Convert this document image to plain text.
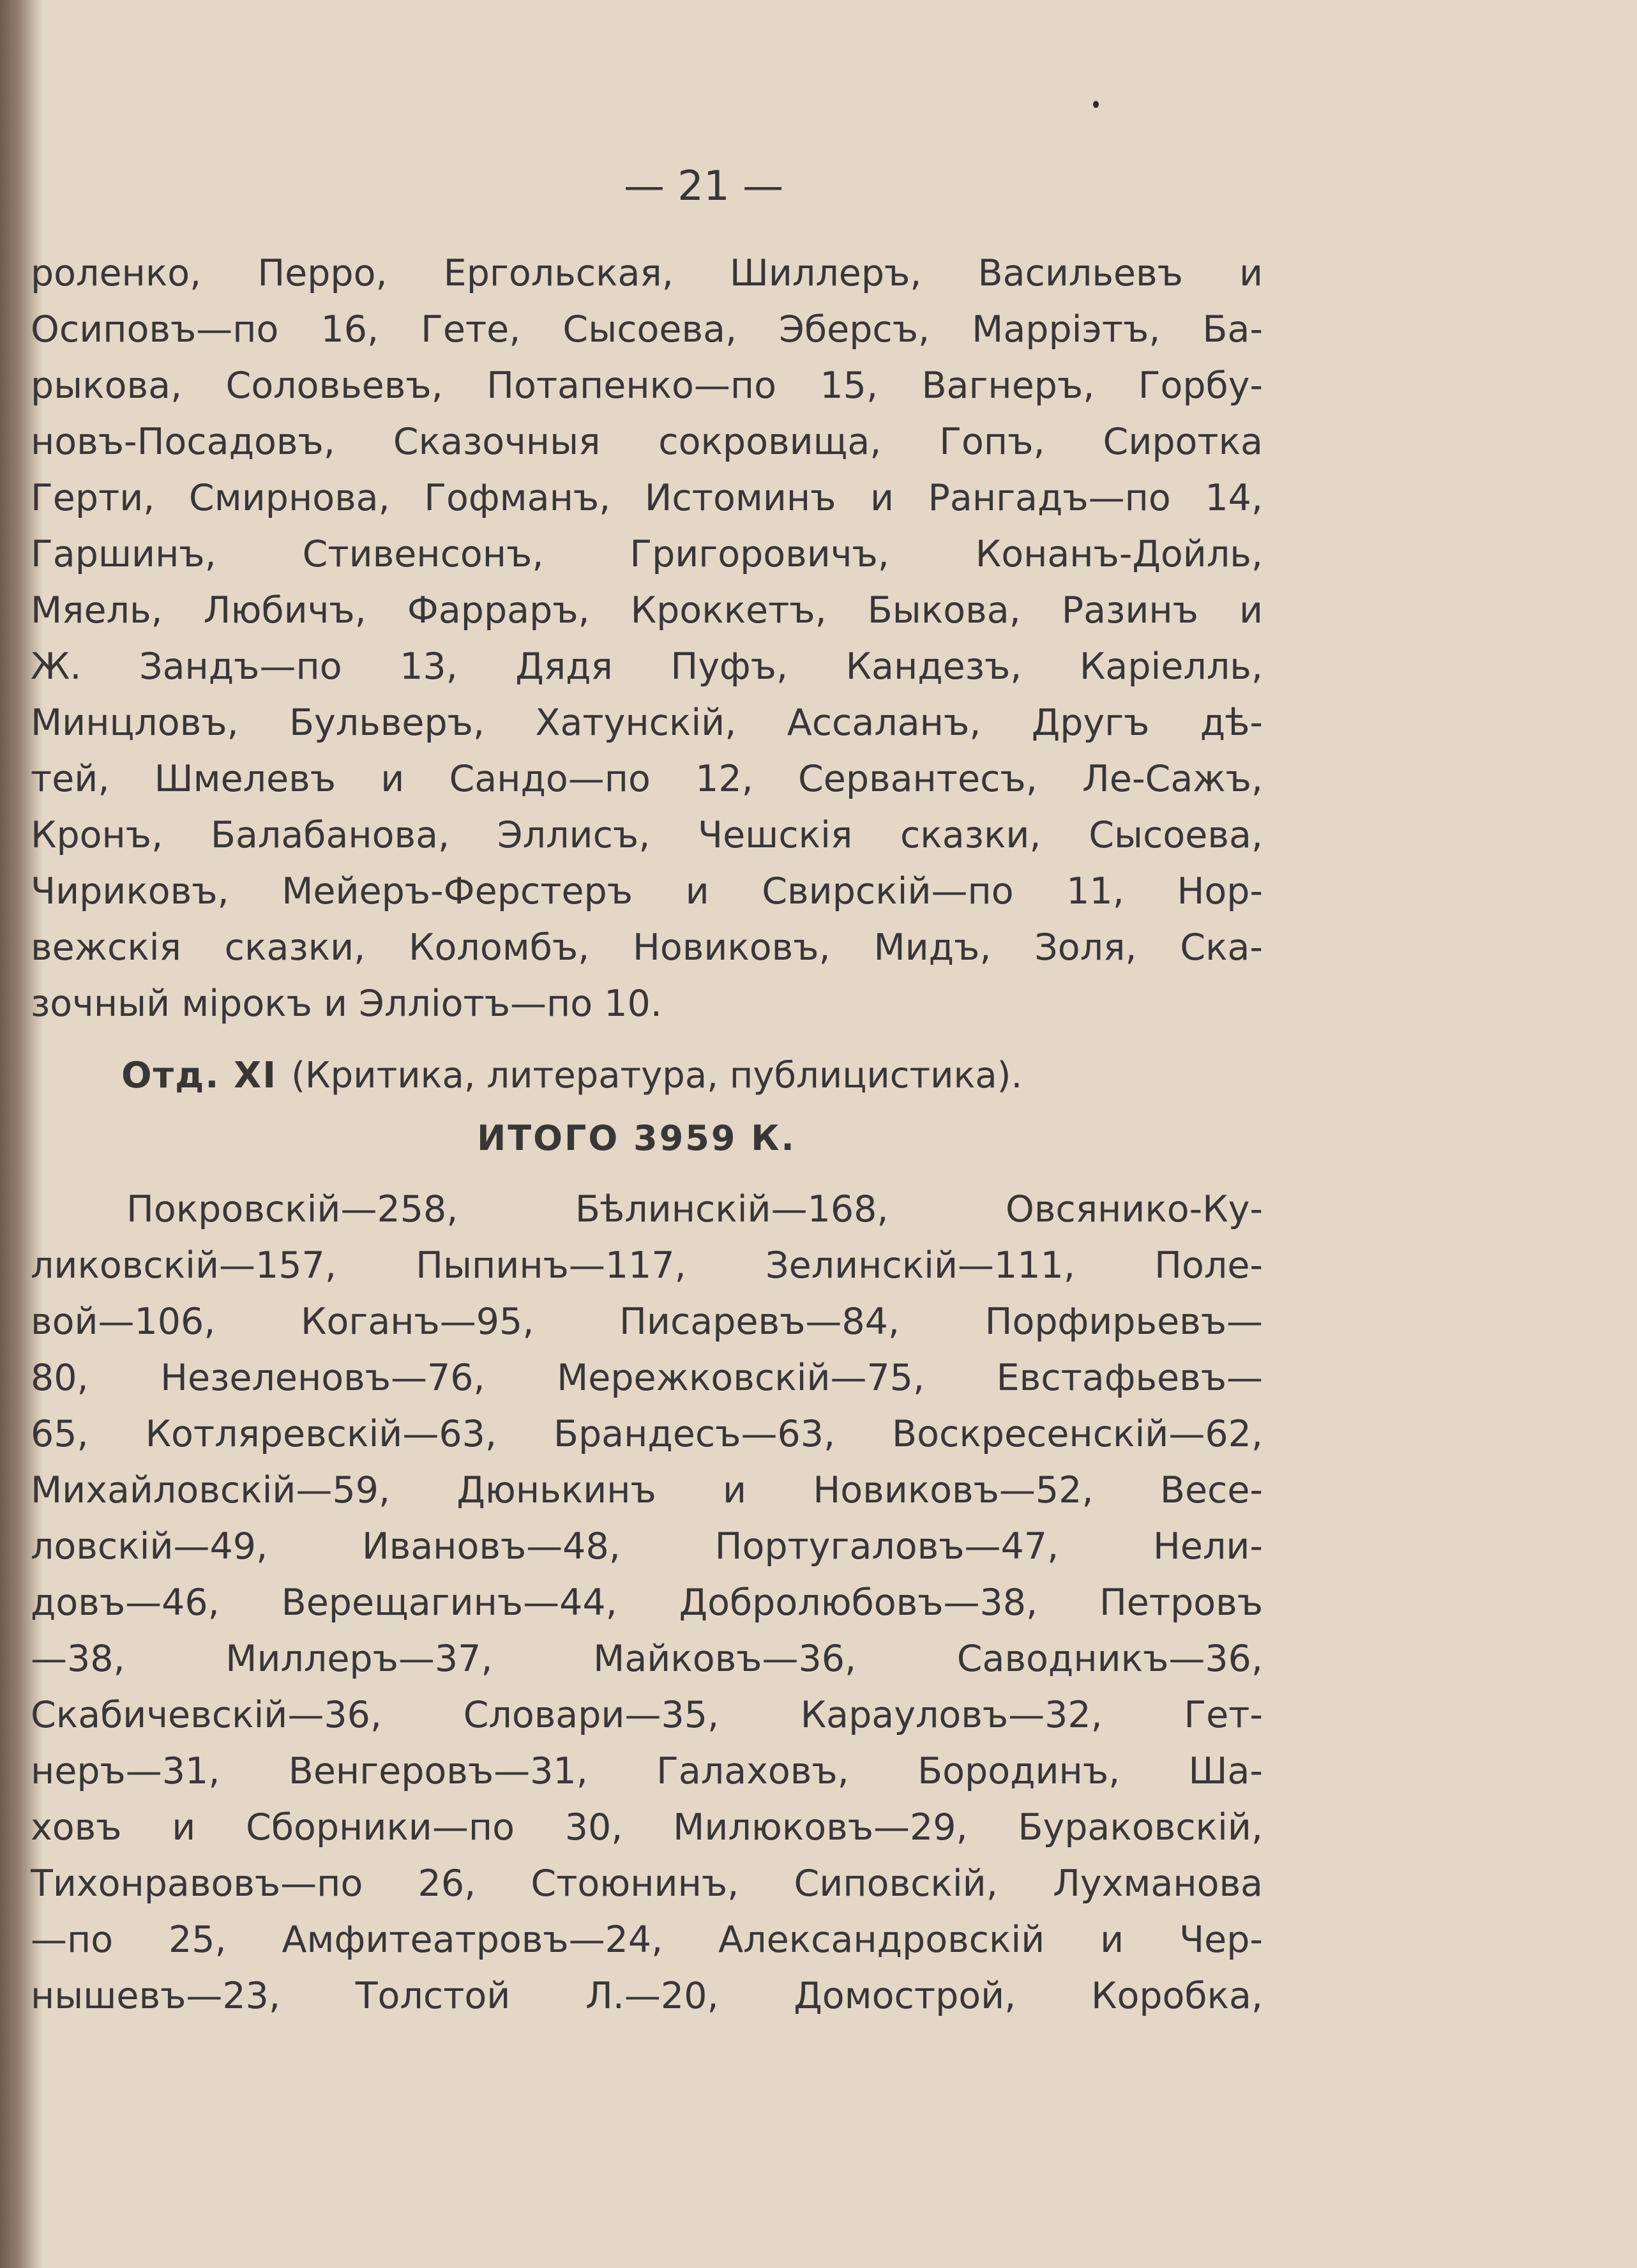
— 21 —
роленко, Перро, Ергольская, Шиллеръ, Васильевъ и
Осиповъ—по 16, Гете, Сысоева, Эберсъ, Марріэтъ, Ба-
рыкова, Соловьевъ, Потапенко—по 15, Вагнеръ, Горбу-
новъ-Посадовъ, Сказочныя сокровища, Гопъ, Сиротка
Герти, Смирнова, Гофманъ, Истоминъ и Рангадъ—по 14,
Гаршинъ, Стивенсонъ, Григоровичъ, Конанъ-Дойль,
Мяель, Любичъ, Фарраръ, Кроккетъ, Быкова, Разинъ и
Ж. Зандъ—по 13, Дядя Пуфъ, Кандезъ, Каріелль,
Минцловъ, Бульверъ, Хатунскій, Ассаланъ, Другъ дѣ-
тей, Шмелевъ и Сандо—по 12, Сервантесъ, Ле-Сажъ,
Кронъ, Балабанова, Эллисъ, Чешскія сказки, Сысоева,
Чириковъ, Мейеръ-Ферстеръ и Свирскій—по 11, Нор-
вежскія сказки, Коломбъ, Новиковъ, Мидъ, Золя, Ска-
зочный мірокъ и Эллiотъ—по 10.
Отд. XI (Критика, литература, публицистика).
ИТОГО 3959 К.
Покровскій—258, Бѣлинскій—168, Овсянико-Ку-
ликовскій—157, Пыпинъ—117, Зелинскій—111, Поле-
вой—106, Коганъ—95, Писаревъ—84, Порфирьевъ—
80, Незеленовъ—76, Мережковскій—75, Евстафьевъ—
65, Котляревскій—63, Брандесъ—63, Воскресенскій—62,
Михайловскій—59, Дюнькинъ и Новиковъ—52, Весе-
ловскій—49, Ивановъ—48, Португаловъ—47, Нели-
довъ—46, Верещагинъ—44, Добролюбовъ—38, Петровъ
—38, Миллеръ—37, Майковъ—36, Саводникъ—36,
Скабичевскій—36, Словари—35, Карауловъ—32, Гет-
неръ—31, Венгеровъ—31, Галаховъ, Бородинъ, Ша-
ховъ и Сборники—по 30, Милюковъ—29, Бураковскій,
Тихонравовъ—по 26, Стоюнинъ, Сиповскій, Лухманова
—по 25, Амфитеатровъ—24, Александровскій и Чер-
нышевъ—23, Толстой Л.—20, Домострой, Коробка,
